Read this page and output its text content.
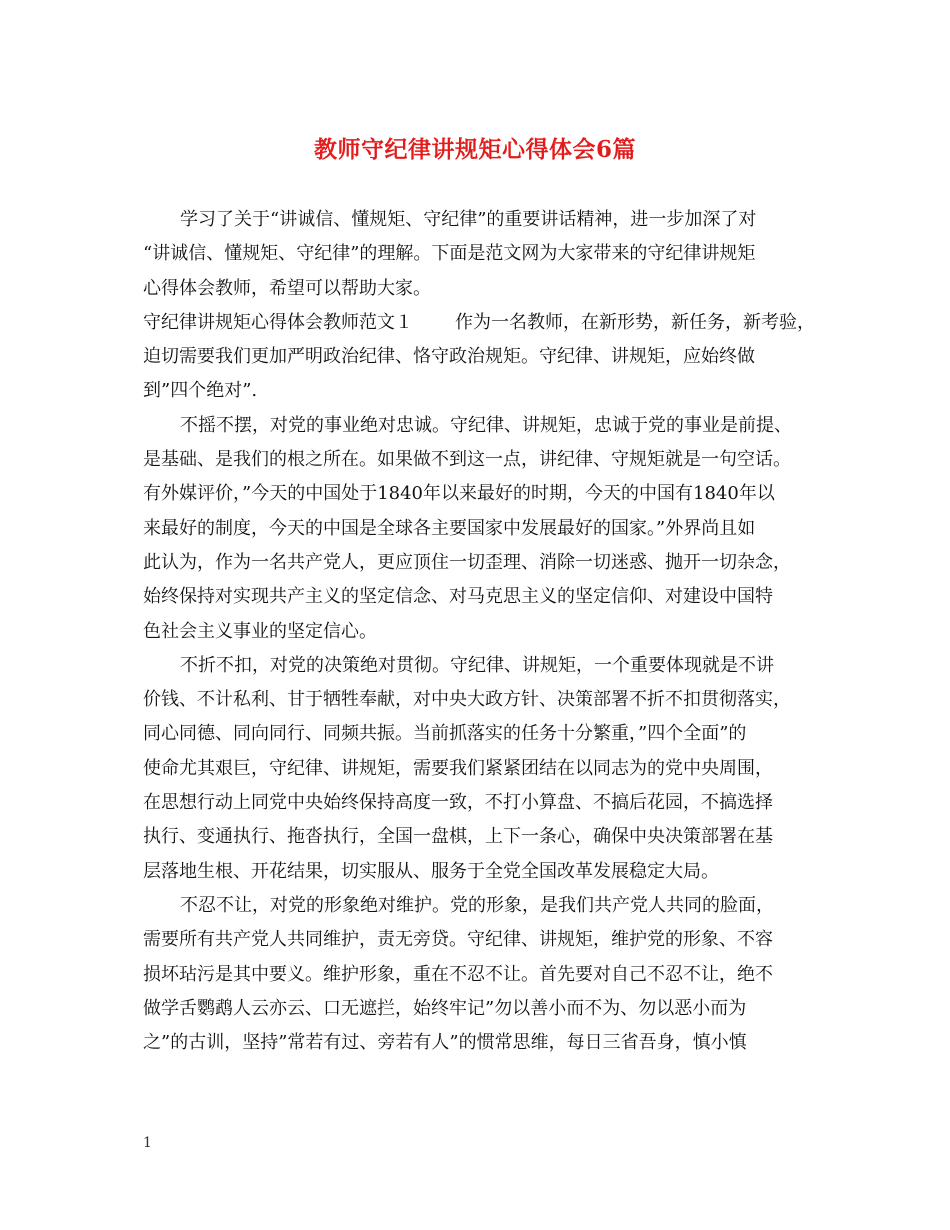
教师守纪律讲规矩心得体会6篇
学习了关于“讲诚信、懂规矩、守纪律”的重要讲话精神，进一步加深了对
“讲诚信、懂规矩、守纪律”的理解。下面是范文网为大家带来的守纪律讲规矩
心得体会教师，希望可以帮助大家。
守纪律讲规矩心得体会教师范文１ 作为一名教师，在新形势，新任务，新考验，
迫切需要我们更加严明政治纪律、恪守政治规矩。守纪律、讲规矩，应始终做
到”四个绝对”.
不摇不摆，对党的事业绝对忠诚。守纪律、讲规矩，忠诚于党的事业是前提、
是基础、是我们的根之所在。如果做不到这一点，讲纪律、守规矩就是一句空话。
有外媒评价，”今天的中国处于1840年以来最好的时期，今天的中国有1840年以
来最好的制度，今天的中国是全球各主要国家中发展最好的国家。”外界尚且如
此认为，作为一名共产党人，更应顶住一切歪理、消除一切迷惑、抛开一切杂念，
始终保持对实现共产主义的坚定信念、对马克思主义的坚定信仰、对建设中国特
色社会主义事业的坚定信心。
不折不扣，对党的决策绝对贯彻。守纪律、讲规矩，一个重要体现就是不讲
价钱、不计私利、甘于牺牲奉献，对中央大政方针、决策部署不折不扣贯彻落实，
同心同德、同向同行、同频共振。当前抓落实的任务十分繁重，”四个全面”的
使命尤其艰巨，守纪律、讲规矩，需要我们紧紧团结在以同志为的党中央周围，
在思想行动上同党中央始终保持高度一致，不打小算盘、不搞后花园，不搞选择
执行、变通执行、拖沓执行，全国一盘棋，上下一条心，确保中央决策部署在基
层落地生根、开花结果，切实服从、服务于全党全国改革发展稳定大局。
不忍不让，对党的形象绝对维护。党的形象，是我们共产党人共同的脸面，
需要所有共产党人共同维护，责无旁贷。守纪律、讲规矩，维护党的形象、不容
损坏玷污是其中要义。维护形象，重在不忍不让。首先要对自己不忍不让，绝不
做学舌鹦鹉人云亦云、口无遮拦，始终牢记”勿以善小而不为、勿以恶小而为
之”的古训，坚持”常若有过、旁若有人”的惯常思维，每日三省吾身，慎小慎
1
